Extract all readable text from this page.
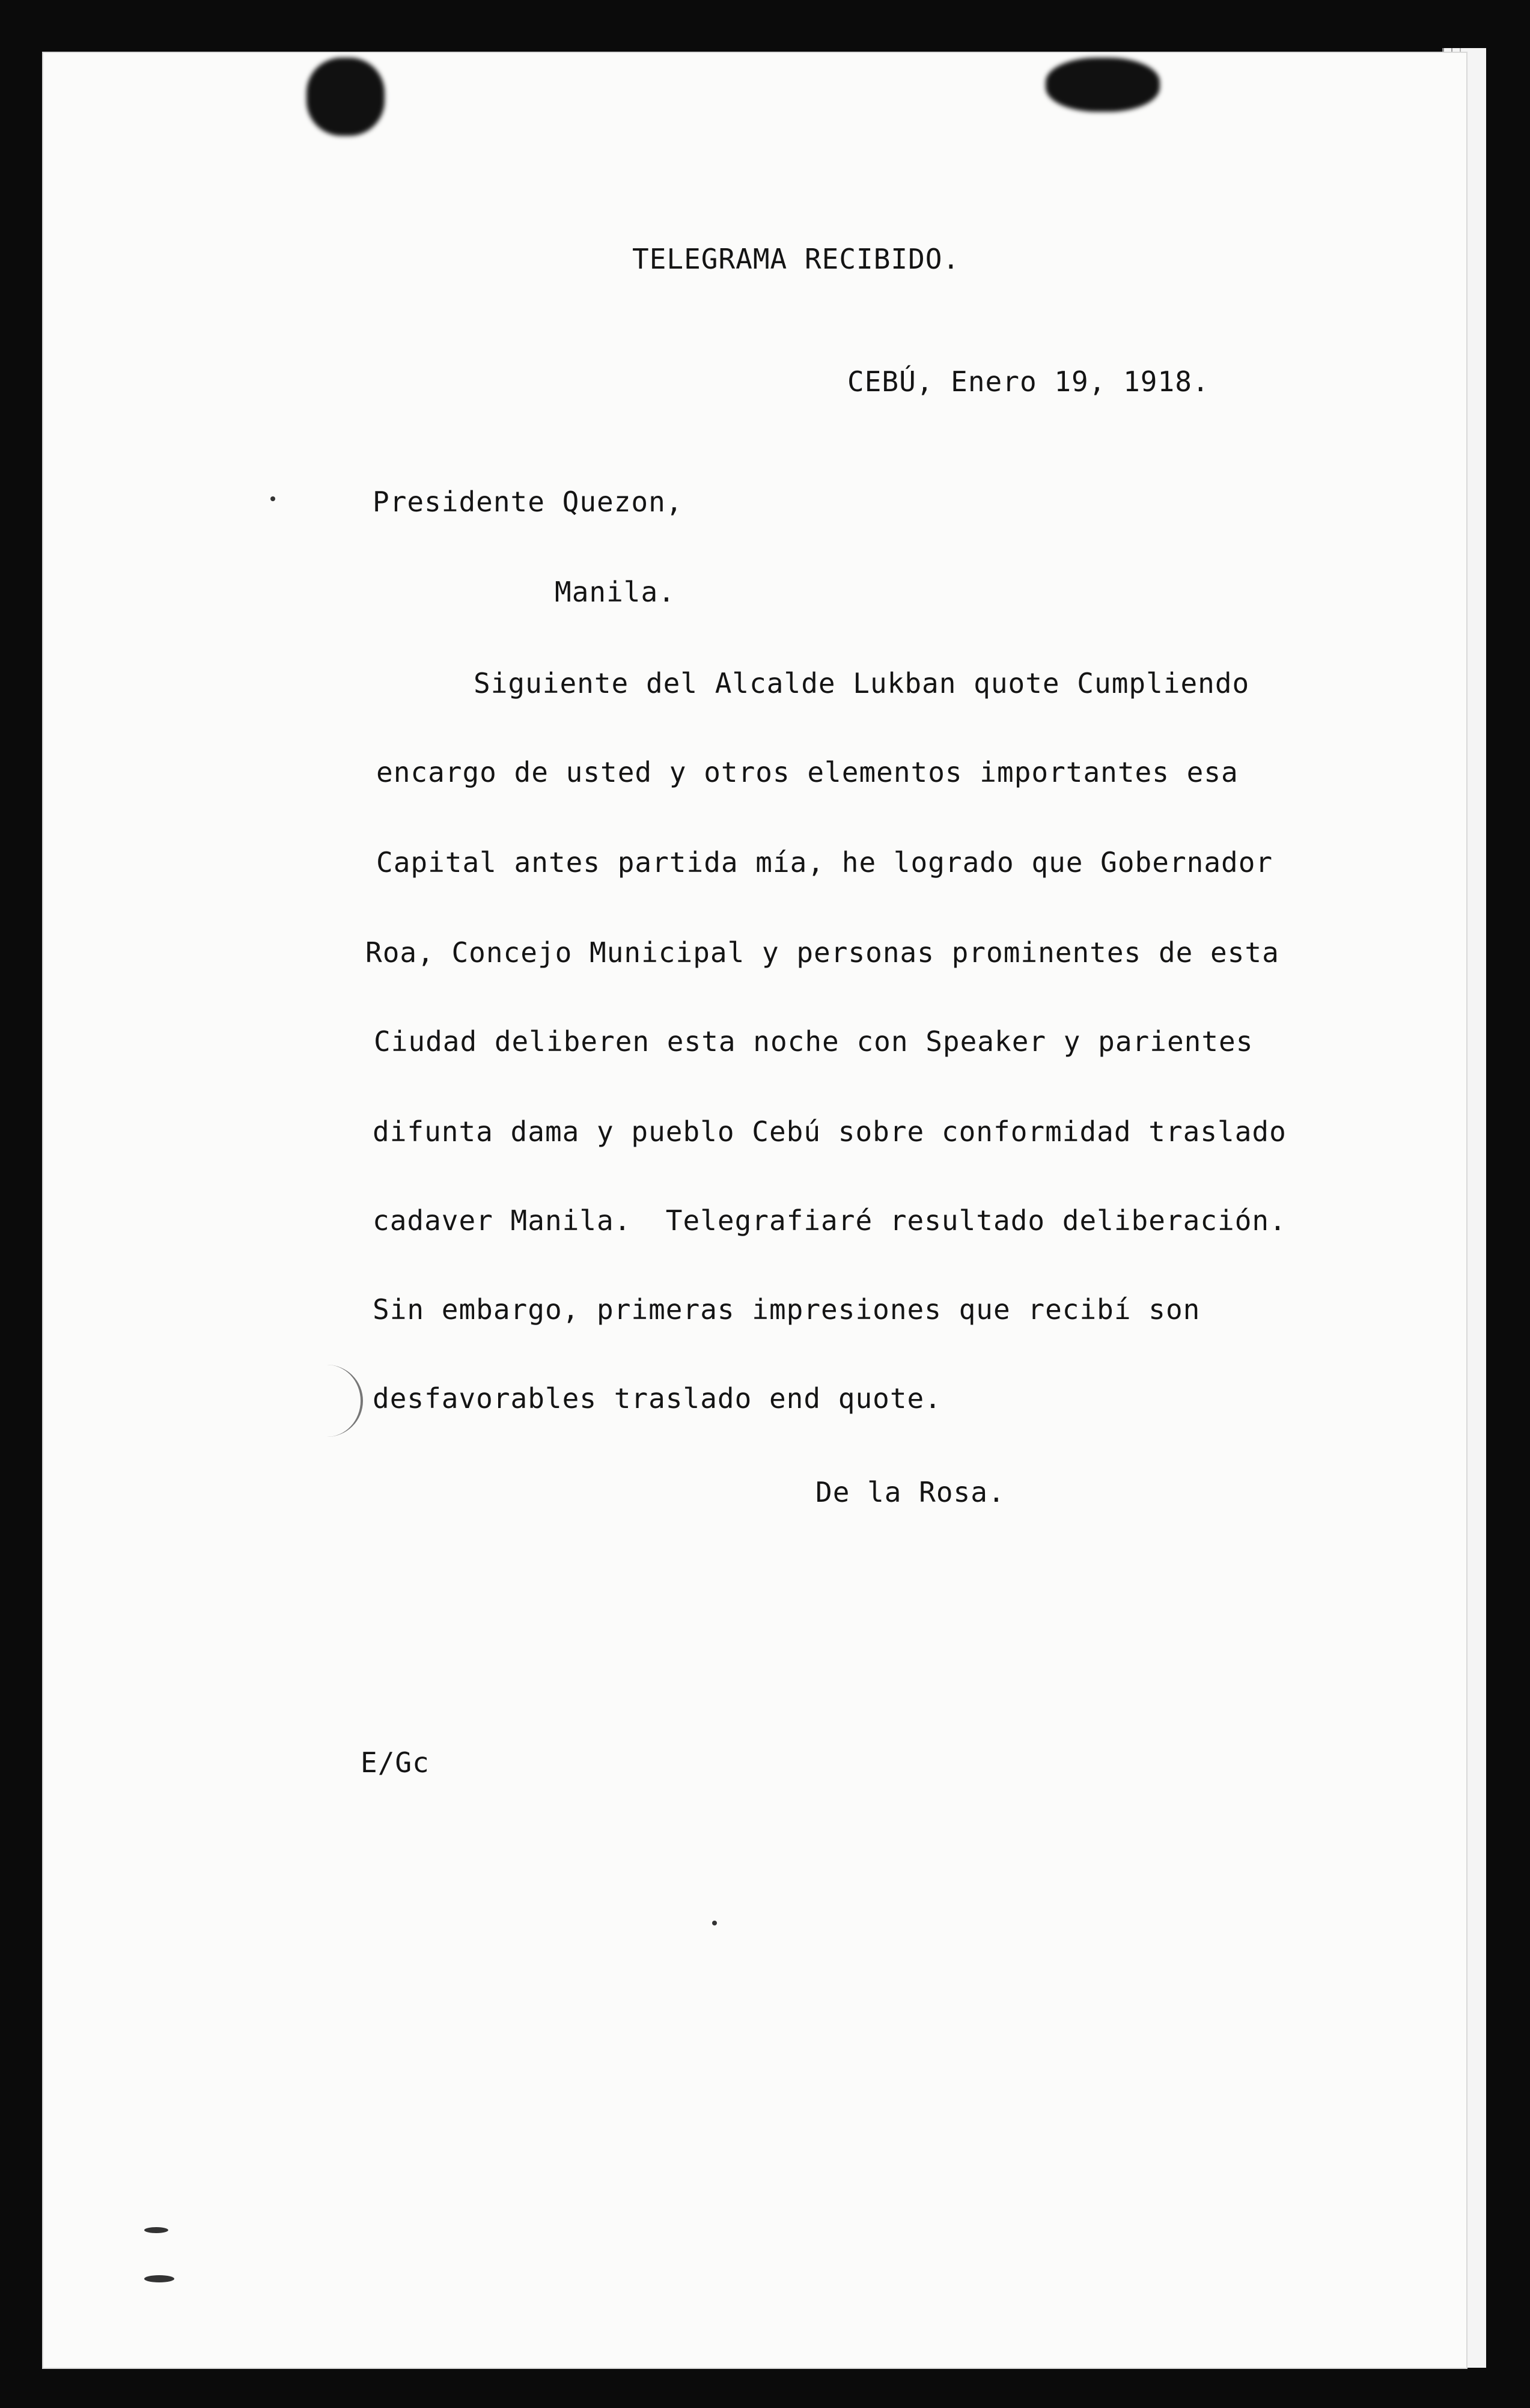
TELEGRAMA RECIBIDO.

CEBÚ, Enero 19, 1918.

Presidente Quezon,

Manila.

Siguiente del Alcalde Lukban quote Cumpliendo

encargo de usted y otros elementos importantes esa

Capital antes partida mía, he logrado que Gobernador

Roa, Concejo Municipal y personas prominentes de esta

Ciudad deliberen esta noche con Speaker y parientes

difunta dama y pueblo Cebú sobre conformidad traslado

cadaver Manila.  Telegrafiaré resultado deliberación.

Sin embargo, primeras impresiones que recibí son

desfavorables traslado end quote.

De la Rosa.

E/Gc
